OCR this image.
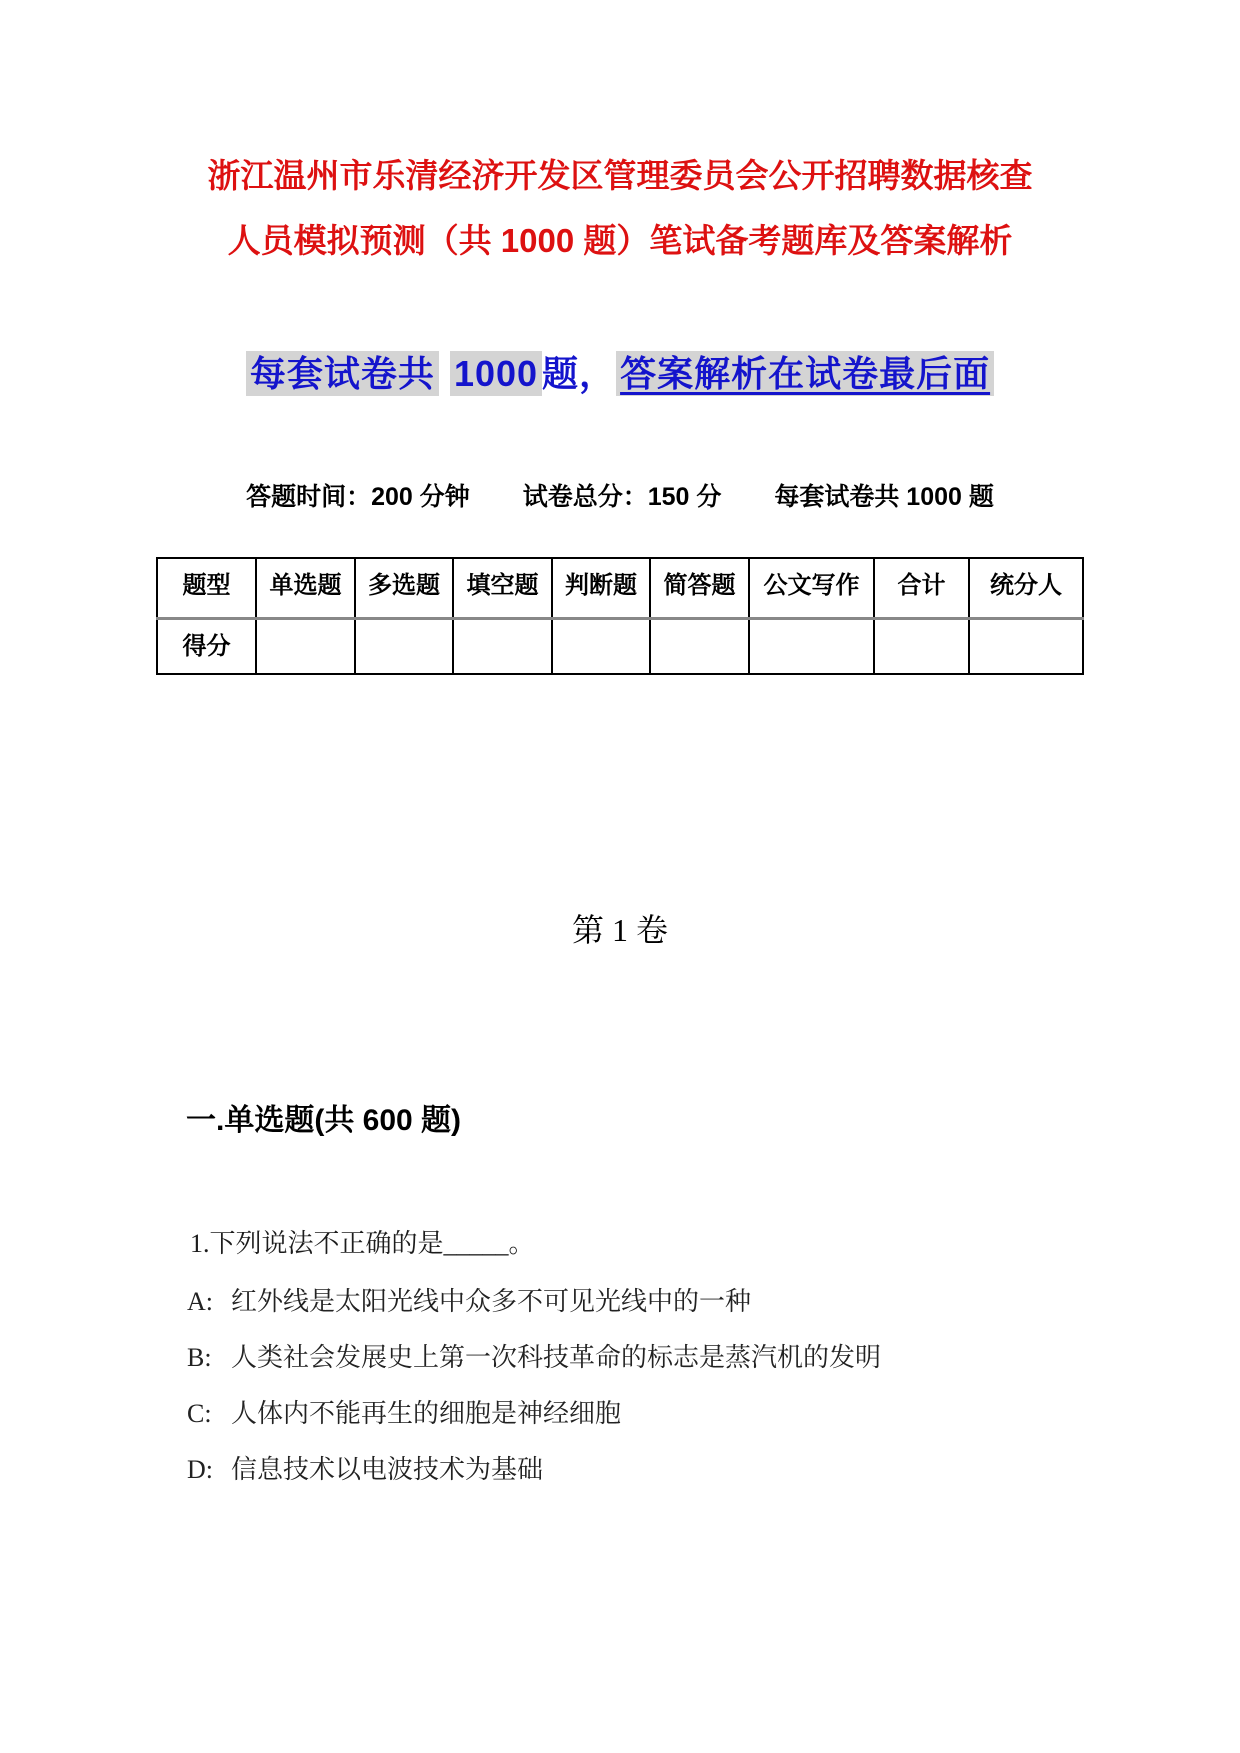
浙江温州市乐清经济开发区管理委员会公开招聘数据核查
人员模拟预测（共 1000 题）笔试备考题库及答案解析
每套试卷共 1000 题， 答案解析在试卷最后面
答题时间：200 分钟 试卷总分：150 分 每套试卷共 1000 题
题型	单选题	多选题	填空题	判断题	简答题	公文写作	合计	统分人
得分								
第 1 卷
一.单选题(共 600 题)
1.下列说法不正确的是_____。
A: 红外线是太阳光线中众多不可见光线中的一种
B: 人类社会发展史上第一次科技革命的标志是蒸汽机的发明
C: 人体内不能再生的细胞是神经细胞
D: 信息技术以电波技术为基础
